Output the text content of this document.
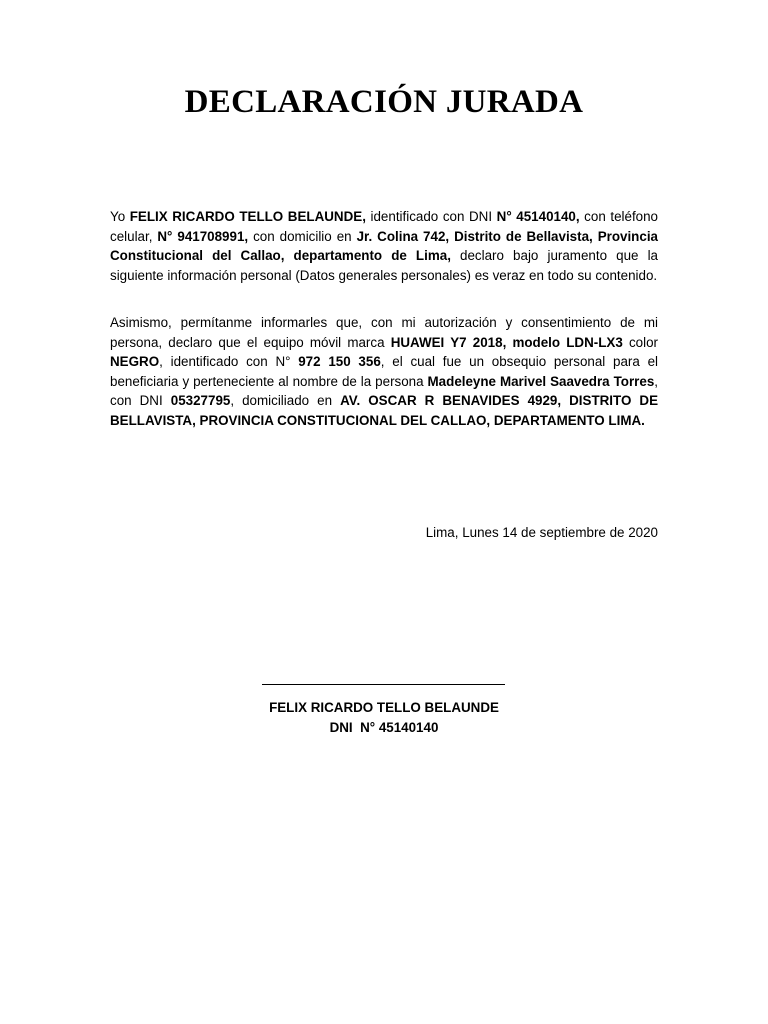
DECLARACIÓN JURADA

Yo FELIX RICARDO TELLO BELAUNDE, identificado con DNI N° 45140140, con teléfono celular, N° 941708991, con domicilio en Jr. Colina 742, Distrito de Bellavista, Provincia Constitucional del Callao, departamento de Lima, declaro bajo juramento que la siguiente información personal (Datos generales personales) es veraz en todo su contenido.

Asimismo, permítanme informarles que, con mi autorización y consentimiento de mi persona, declaro que el equipo móvil marca HUAWEI Y7 2018, modelo LDN-LX3 color NEGRO, identificado con N° 972 150 356, el cual fue un obsequio personal para el beneficiaria y perteneciente al nombre de la persona Madeleyne Marivel Saavedra Torres, con DNI 05327795, domiciliado en AV. OSCAR R BENAVIDES 4929, DISTRITO DE BELLAVISTA, PROVINCIA CONSTITUCIONAL DEL CALLAO, DEPARTAMENTO LIMA.

Lima, Lunes 14 de septiembre de 2020

FELIX RICARDO TELLO BELAUNDE

DNI  N° 45140140
